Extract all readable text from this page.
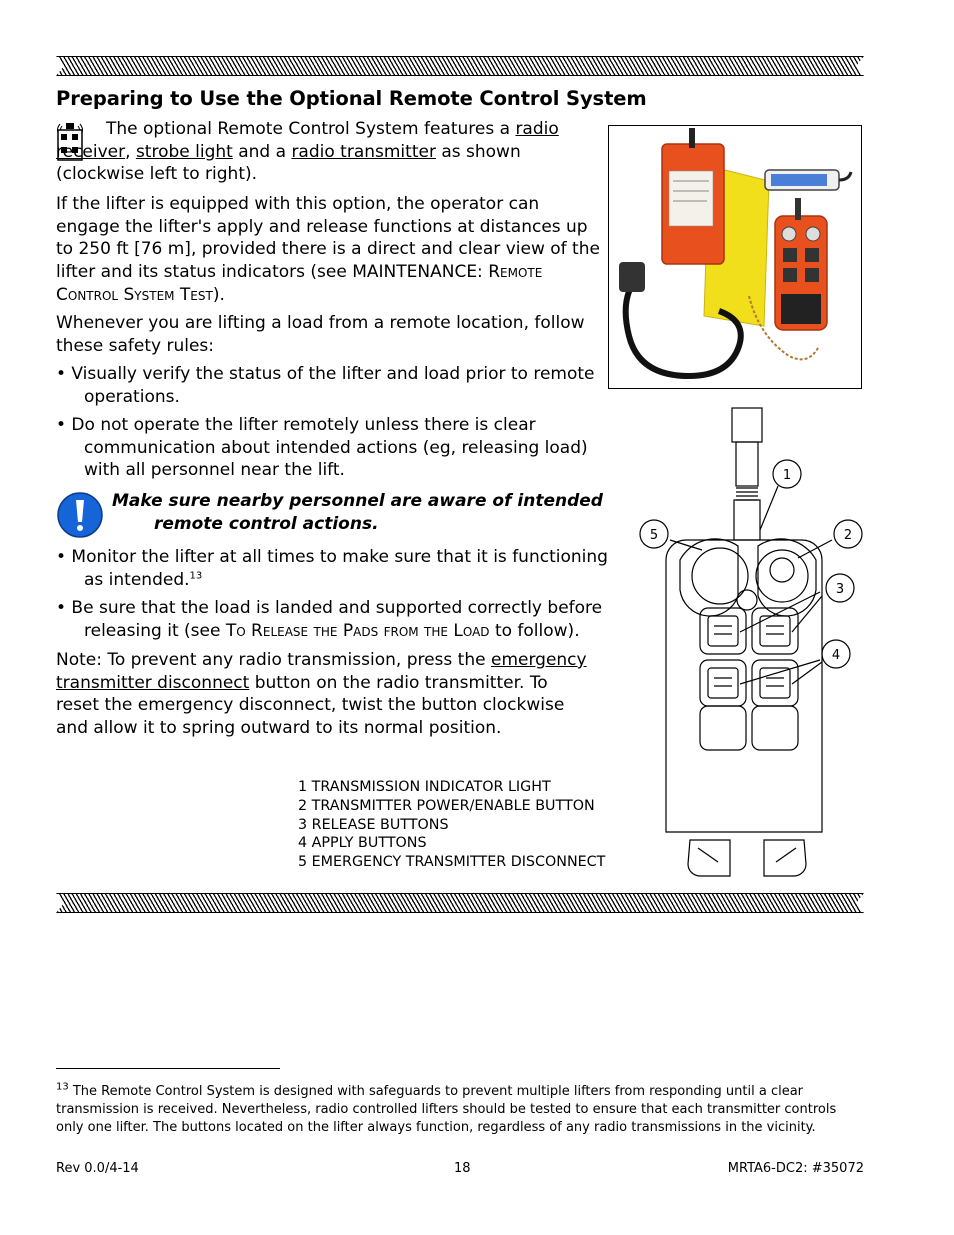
Preparing to Use the Optional Remote Control System
The optional Remote Control System features a radio receiver, strobe light and a radio transmitter as shown (clockwise left to right).

If the lifter is equipped with this option, the operator can engage the lifter's apply and release functions at distances up to 250 ft [76 m], provided there is a direct and clear view of the lifter and its status indicators (see MAINTENANCE: Remote Control System Test).

Whenever you are lifting a load from a remote location, follow these safety rules:

• Visually verify the status of the lifter and load prior to remote operations.

• Do not operate the lifter remotely unless there is clear communication about intended actions (eg, releasing load) with all personnel near the lift.

Make sure nearby personnel are aware of intended remote control actions.

• Monitor the lifter at all times to make sure that it is functioning as intended.$^{13}$

• Be sure that the load is landed and supported correctly before releasing it (see To Release the Pads from the Load to follow).

Note: To prevent any radio transmission, press the emergency transmitter disconnect button on the radio transmitter. To reset the emergency disconnect, twist the button clockwise and allow it to spring outward to its normal position.

1
2
3
4
5
1 TRANSMISSION INDICATOR LIGHT
2 TRANSMITTER POWER/ENABLE BUTTON
3 RELEASE BUTTONS
4 APPLY BUTTONS
5 EMERGENCY TRANSMITTER DISCONNECT
$^{13}$ The Remote Control System is designed with safeguards to prevent multiple lifters from responding until a clear transmission is received. Nevertheless, radio controlled lifters should be tested to ensure that each transmitter controls only one lifter. The buttons located on the lifter always function, regardless of any radio transmissions in the vicinity.
Rev 0.0/4-14	18	MRTA6-DC2: #35072
